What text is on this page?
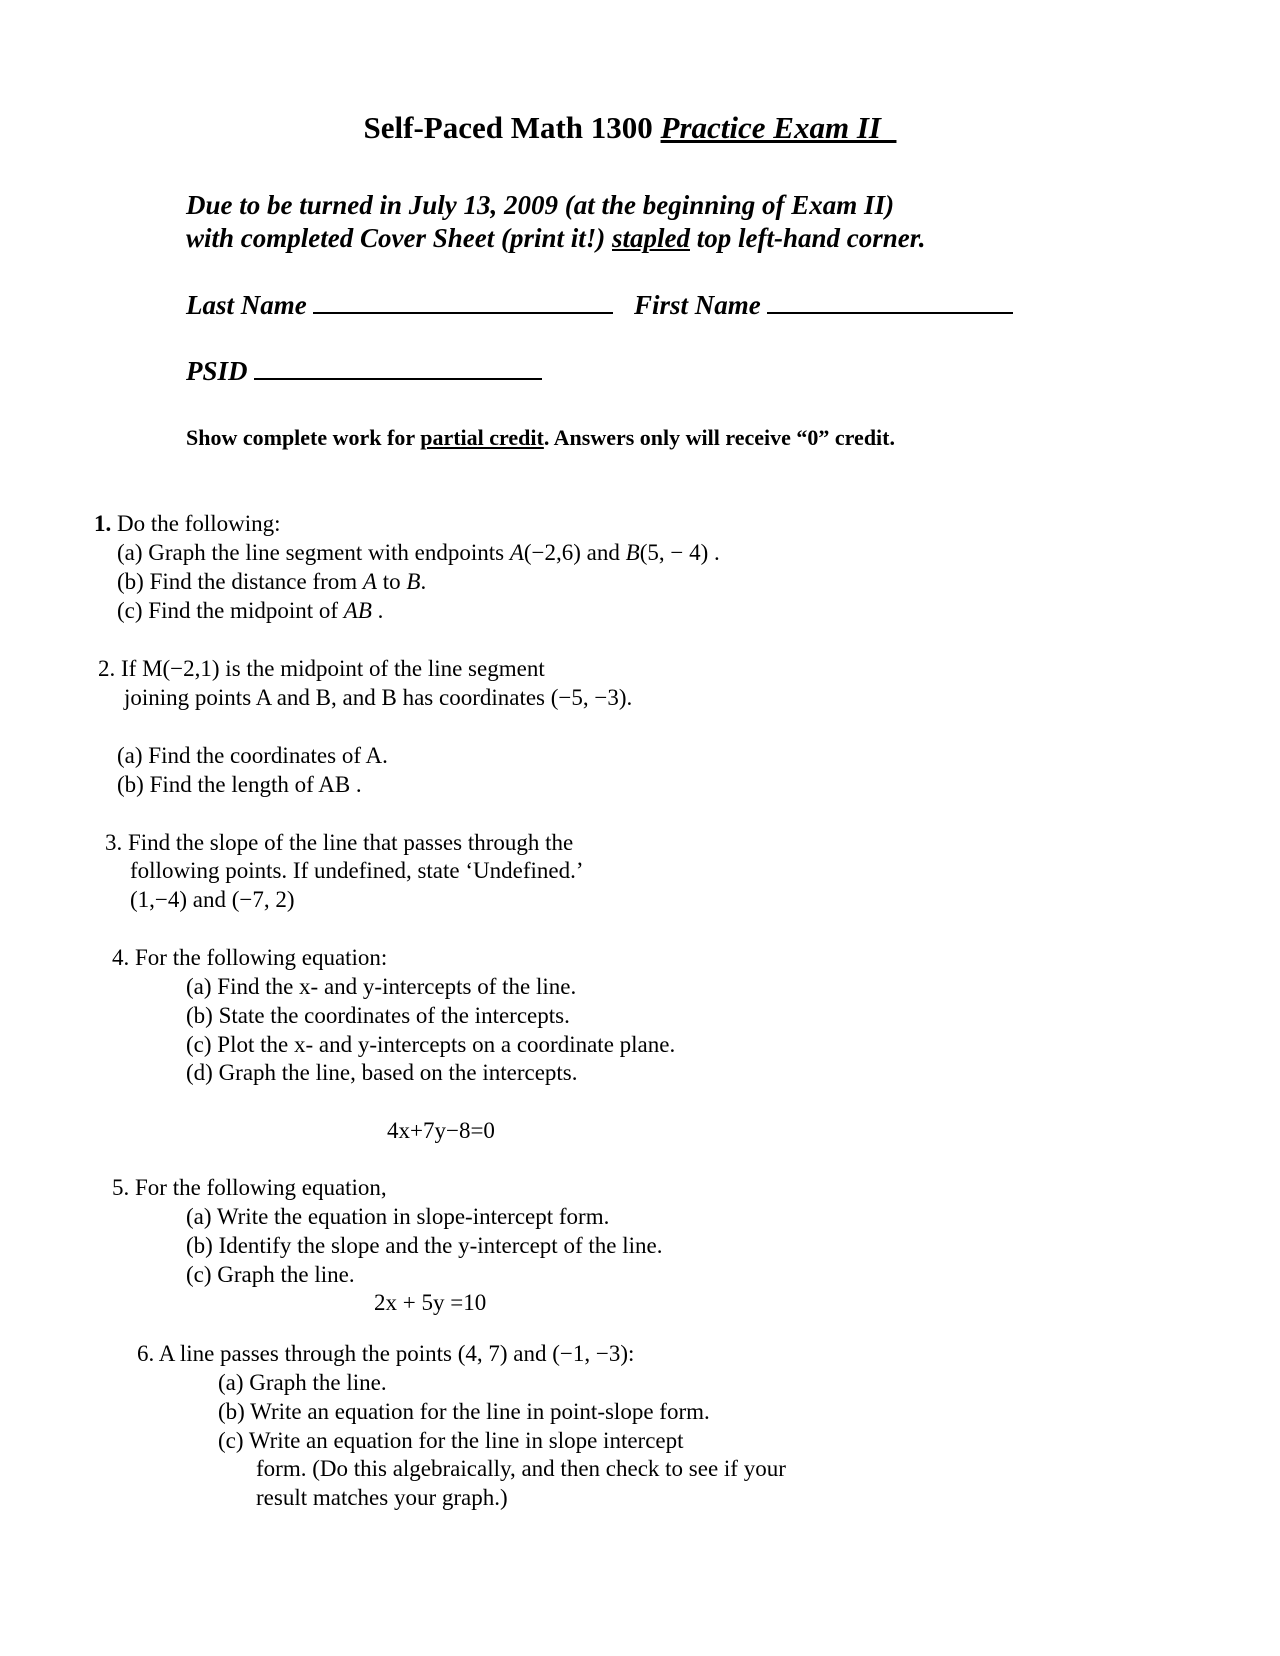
Self-Paced Math 1300 Practice Exam II_
Due to be turned in July 13, 2009 (at the beginning of Exam II)
with completed Cover Sheet (print it!) stapled top left-hand corner.
Last Name	First Name
PSID
Show complete work for partial credit. Answers only will receive “0” credit.
1. Do the following:
(a) Graph the line segment with endpoints A(−2,6) and B(5, − 4) .
(b) Find the distance from A to B.
(c) Find the midpoint of AB .
2. If M(−2,1) is the midpoint of the line segment
joining points A and B, and B has coordinates (−5, −3).
(a) Find the coordinates of A.
(b) Find the length of AB .
3. Find the slope of the line that passes through the
following points. If undefined, state ‘Undefined.’
(1,−4) and (−7, 2)
4. For the following equation:
(a) Find the x- and y-intercepts of the line.
(b) State the coordinates of the intercepts.
(c) Plot the x- and y-intercepts on a coordinate plane.
(d) Graph the line, based on the intercepts.
4x+7y−8=0
5. For the following equation,
(a) Write the equation in slope-intercept form.
(b) Identify the slope and the y-intercept of the line.
(c) Graph the line.
2x + 5y =10
6. A line passes through the points (4, 7) and (−1, −3):
(a) Graph the line.
(b) Write an equation for the line in point-slope form.
(c) Write an equation for the line in slope intercept
form. (Do this algebraically, and then check to see if your
result matches your graph.)
